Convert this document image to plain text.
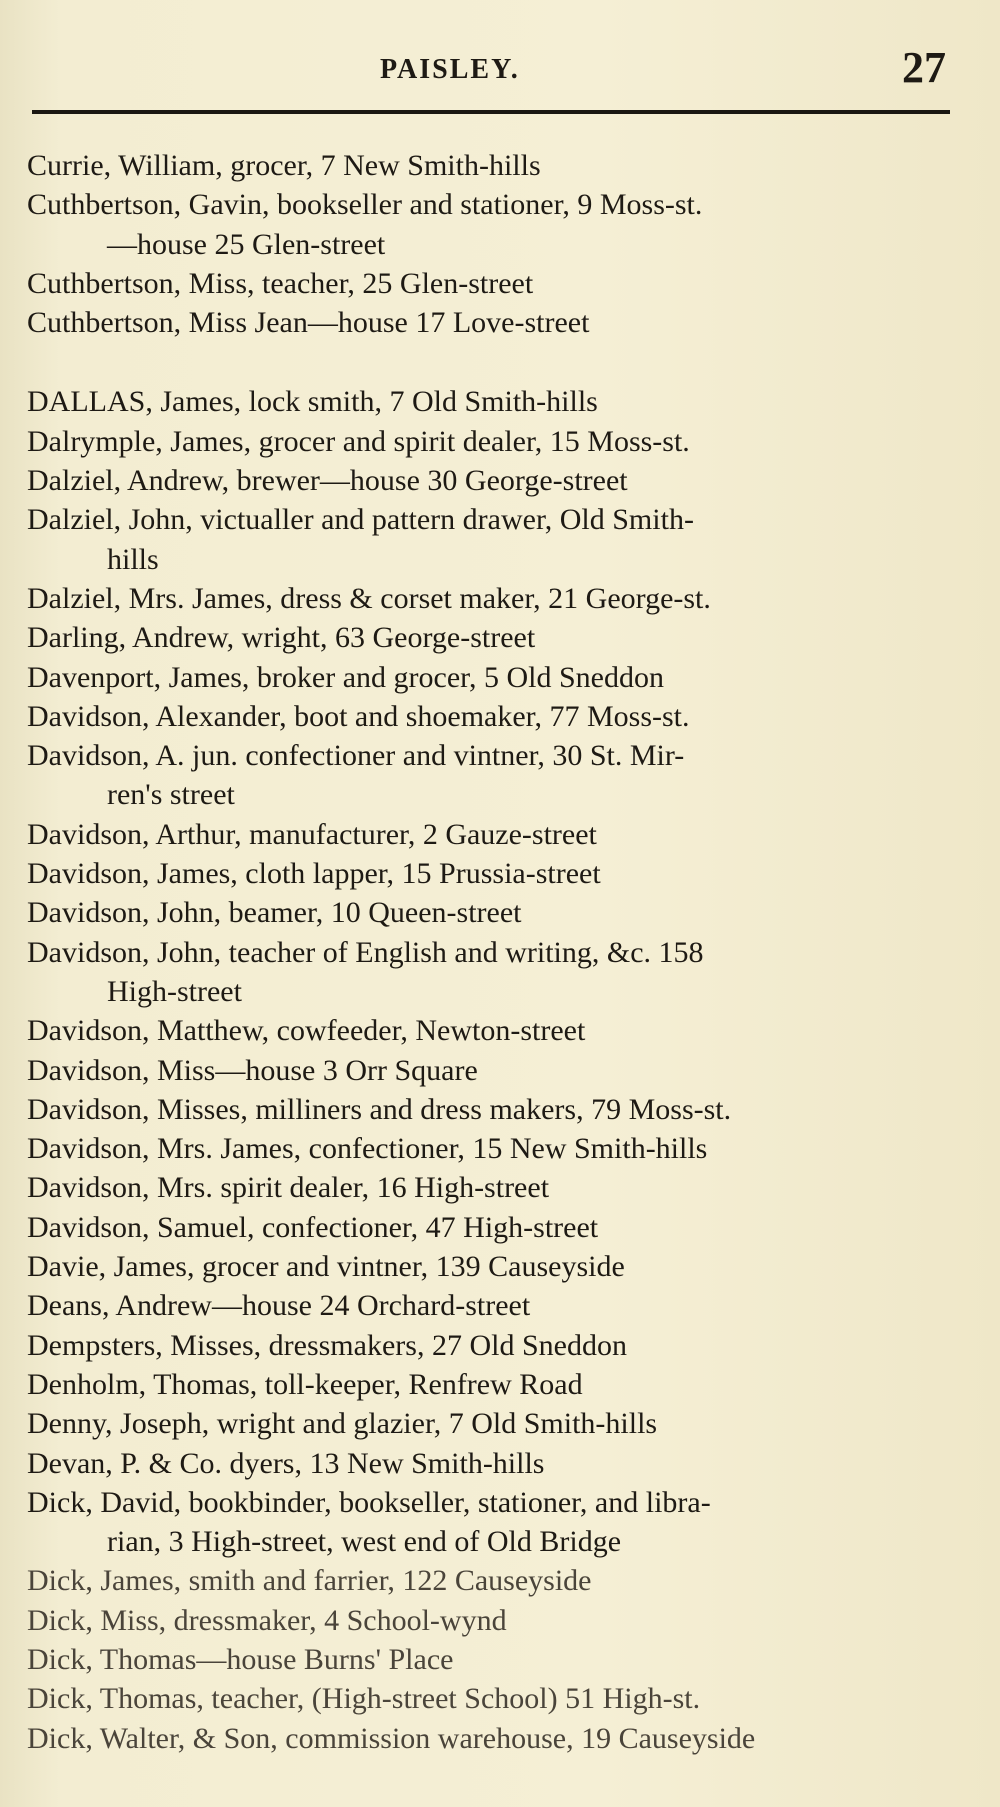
PAISLEY.	27
Currie, William, grocer, 7 New Smith-hills
Cuthbertson, Gavin, bookseller and stationer, 9 Moss-st.
—house 25 Glen-street
Cuthbertson, Miss, teacher, 25 Glen-street
Cuthbertson, Miss Jean—house 17 Love-street
DALLAS, James, lock smith, 7 Old Smith-hills
Dalrymple, James, grocer and spirit dealer, 15 Moss-st.
Dalziel, Andrew, brewer—house 30 George-street
Dalziel, John, victualler and pattern drawer, Old Smith-
hills
Dalziel, Mrs. James, dress & corset maker, 21 George-st.
Darling, Andrew, wright, 63 George-street
Davenport, James, broker and grocer, 5 Old Sneddon
Davidson, Alexander, boot and shoemaker, 77 Moss-st.
Davidson, A. jun. confectioner and vintner, 30 St. Mir-
ren's street
Davidson, Arthur, manufacturer, 2 Gauze-street
Davidson, James, cloth lapper, 15 Prussia-street
Davidson, John, beamer, 10 Queen-street
Davidson, John, teacher of English and writing, &c. 158
High-street
Davidson, Matthew, cowfeeder, Newton-street
Davidson, Miss—house 3 Orr Square
Davidson, Misses, milliners and dress makers, 79 Moss-st.
Davidson, Mrs. James, confectioner, 15 New Smith-hills
Davidson, Mrs. spirit dealer, 16 High-street
Davidson, Samuel, confectioner, 47 High-street
Davie, James, grocer and vintner, 139 Causeyside
Deans, Andrew—house 24 Orchard-street
Dempsters, Misses, dressmakers, 27 Old Sneddon
Denholm, Thomas, toll-keeper, Renfrew Road
Denny, Joseph, wright and glazier, 7 Old Smith-hills
Devan, P. & Co. dyers, 13 New Smith-hills
Dick, David, bookbinder, bookseller, stationer, and libra-
rian, 3 High-street, west end of Old Bridge
Dick, James, smith and farrier, 122 Causeyside
Dick, Miss, dressmaker, 4 School-wynd
Dick, Thomas—house Burns' Place
Dick, Thomas, teacher, (High-street School) 51 High-st.
Dick, Walter, & Son, commission warehouse, 19 Causeyside
